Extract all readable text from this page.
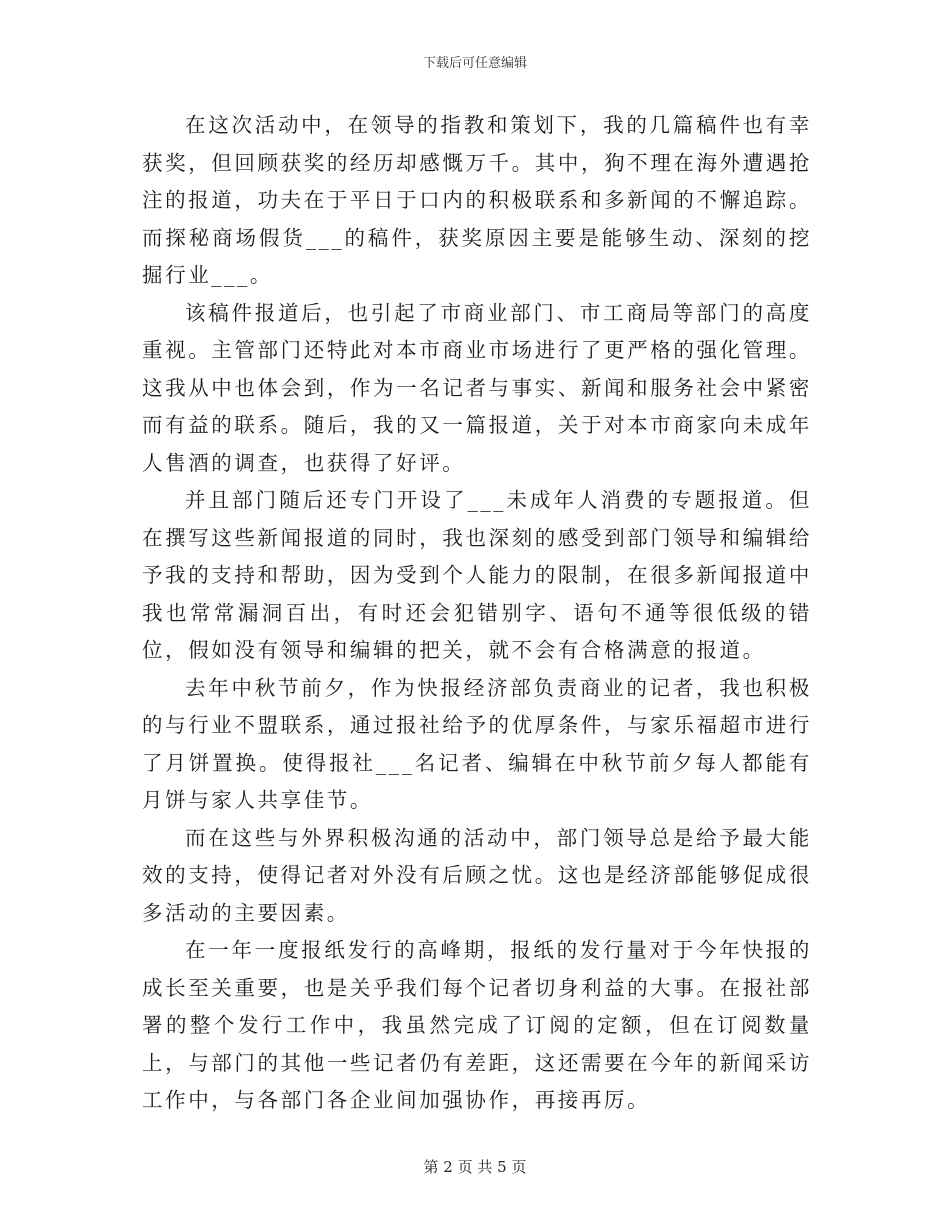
下载后可任意编辑

在这次活动中，在领导的指教和策划下，我的几篇稿件也有幸获奖，但回顾获奖的经历却感慨万千。其中，狗不理在海外遭遇抢注的报道，功夫在于平日于口内的积极联系和多新闻的不懈追踪。而探秘商场假货___的稿件，获奖原因主要是能够生动、深刻的挖掘行业___。

该稿件报道后，也引起了市商业部门、市工商局等部门的高度重视。主管部门还特此对本市商业市场进行了更严格的强化管理。这我从中也体会到，作为一名记者与事实、新闻和服务社会中紧密而有益的联系。随后，我的又一篇报道，关于对本市商家向未成年人售酒的调查，也获得了好评。

并且部门随后还专门开设了___未成年人消费的专题报道。但在撰写这些新闻报道的同时，我也深刻的感受到部门领导和编辑给予我的支持和帮助，因为受到个人能力的限制，在很多新闻报道中我也常常漏洞百出，有时还会犯错别字、语句不通等很低级的错位，假如没有领导和编辑的把关，就不会有合格满意的报道。

去年中秋节前夕，作为快报经济部负责商业的记者，我也积极的与行业不盟联系，通过报社给予的优厚条件，与家乐福超市进行了月饼置换。使得报社___名记者、编辑在中秋节前夕每人都能有月饼与家人共享佳节。

而在这些与外界积极沟通的活动中，部门领导总是给予最大能效的支持，使得记者对外没有后顾之忧。这也是经济部能够促成很多活动的主要因素。

在一年一度报纸发行的高峰期，报纸的发行量对于今年快报的成长至关重要，也是关乎我们每个记者切身利益的大事。在报社部署的整个发行工作中，我虽然完成了订阅的定额，但在订阅数量上，与部门的其他一些记者仍有差距，这还需要在今年的新闻采访工作中，与各部门各企业间加强协作，再接再厉。

第 2 页 共 5 页
